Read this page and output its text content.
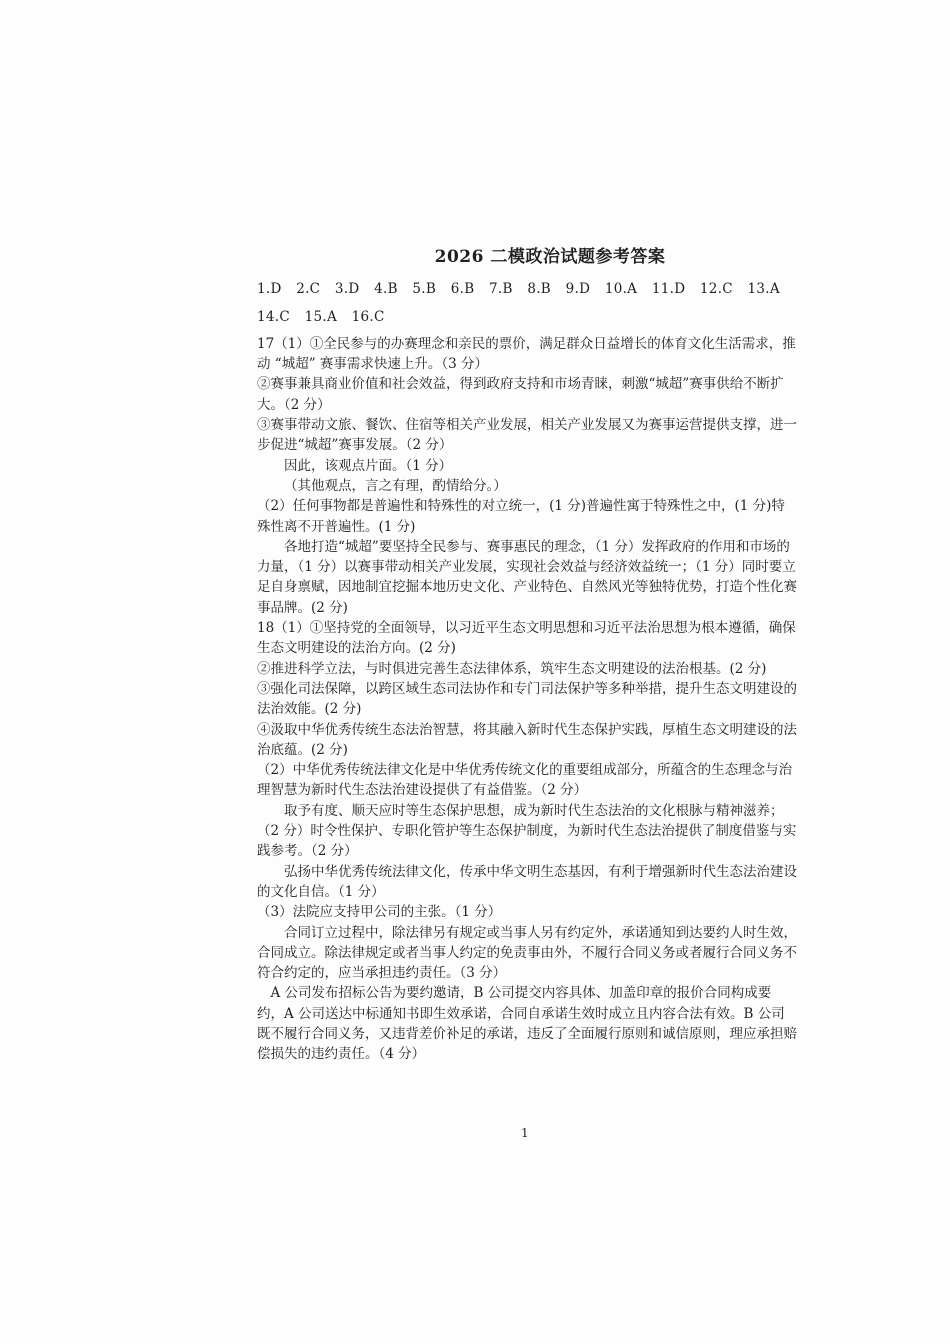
2026 二模政治试题参考答案
1.D 2.C 3.D 4.B 5.B 6.B 7.B 8.B 9.D 10.A 11.D 12.C 13.A
14.C 15.A 16.C

17（1）①全民参与的办赛理念和亲民的票价，满足群众日益增长的体育文化生活需求，推动 “城超” 赛事需求快速上升。（3 分）

②赛事兼具商业价值和社会效益，得到政府支持和市场青睐，刺激“城超”赛事供给不断扩大。（2 分）

③赛事带动文旅、餐饮、住宿等相关产业发展，相关产业发展又为赛事运营提供支撑，进一步促进“城超”赛事发展。（2 分）

因此，该观点片面。（1 分）

（其他观点，言之有理，酌情给分。）

（2）任何事物都是普遍性和特殊性的对立统一，(1 分)普遍性寓于特殊性之中，(1 分)特殊性离不开普遍性。(1 分)

各地打造“城超”要坚持全民参与、赛事惠民的理念，（1 分）发挥政府的作用和市场的力量，（1 分）以赛事带动相关产业发展，实现社会效益与经济效益统一；（1 分）同时要立足自身禀赋，因地制宜挖掘本地历史文化、产业特色、自然风光等独特优势，打造个性化赛事品牌。(2 分)

18（1）①坚持党的全面领导，以习近平生态文明思想和习近平法治思想为根本遵循，确保生态文明建设的法治方向。(2 分)

②推进科学立法，与时俱进完善生态法律体系，筑牢生态文明建设的法治根基。(2 分)

③强化司法保障，以跨区域生态司法协作和专门司法保护等多种举措，提升生态文明建设的法治效能。(2 分)

④汲取中华优秀传统生态法治智慧，将其融入新时代生态保护实践，厚植生态文明建设的法治底蕴。(2 分)

（2）中华优秀传统法律文化是中华优秀传统文化的重要组成部分，所蕴含的生态理念与治理智慧为新时代生态法治建设提供了有益借鉴。（2 分）

取予有度、顺天应时等生态保护思想，成为新时代生态法治的文化根脉与精神滋养；（2 分）时令性保护、专职化管护等生态保护制度，为新时代生态法治提供了制度借鉴与实践参考。（2 分）

弘扬中华优秀传统法律文化，传承中华文明生态基因，有利于增强新时代生态法治建设的文化自信。（1 分）

（3）法院应支持甲公司的主张。（1 分）

合同订立过程中，除法律另有规定或当事人另有约定外，承诺通知到达要约人时生效，合同成立。除法律规定或者当事人约定的免责事由外，不履行合同义务或者履行合同义务不符合约定的，应当承担违约责任。（3 分）

A 公司发布招标公告为要约邀请，B 公司提交内容具体、加盖印章的报价合同构成要约，A 公司送达中标通知书即生效承诺，合同自承诺生效时成立且内容合法有效。B 公司既不履行合同义务，又违背差价补足的承诺，违反了全面履行原则和诚信原则，理应承担赔偿损失的违约责任。（4 分）

1
